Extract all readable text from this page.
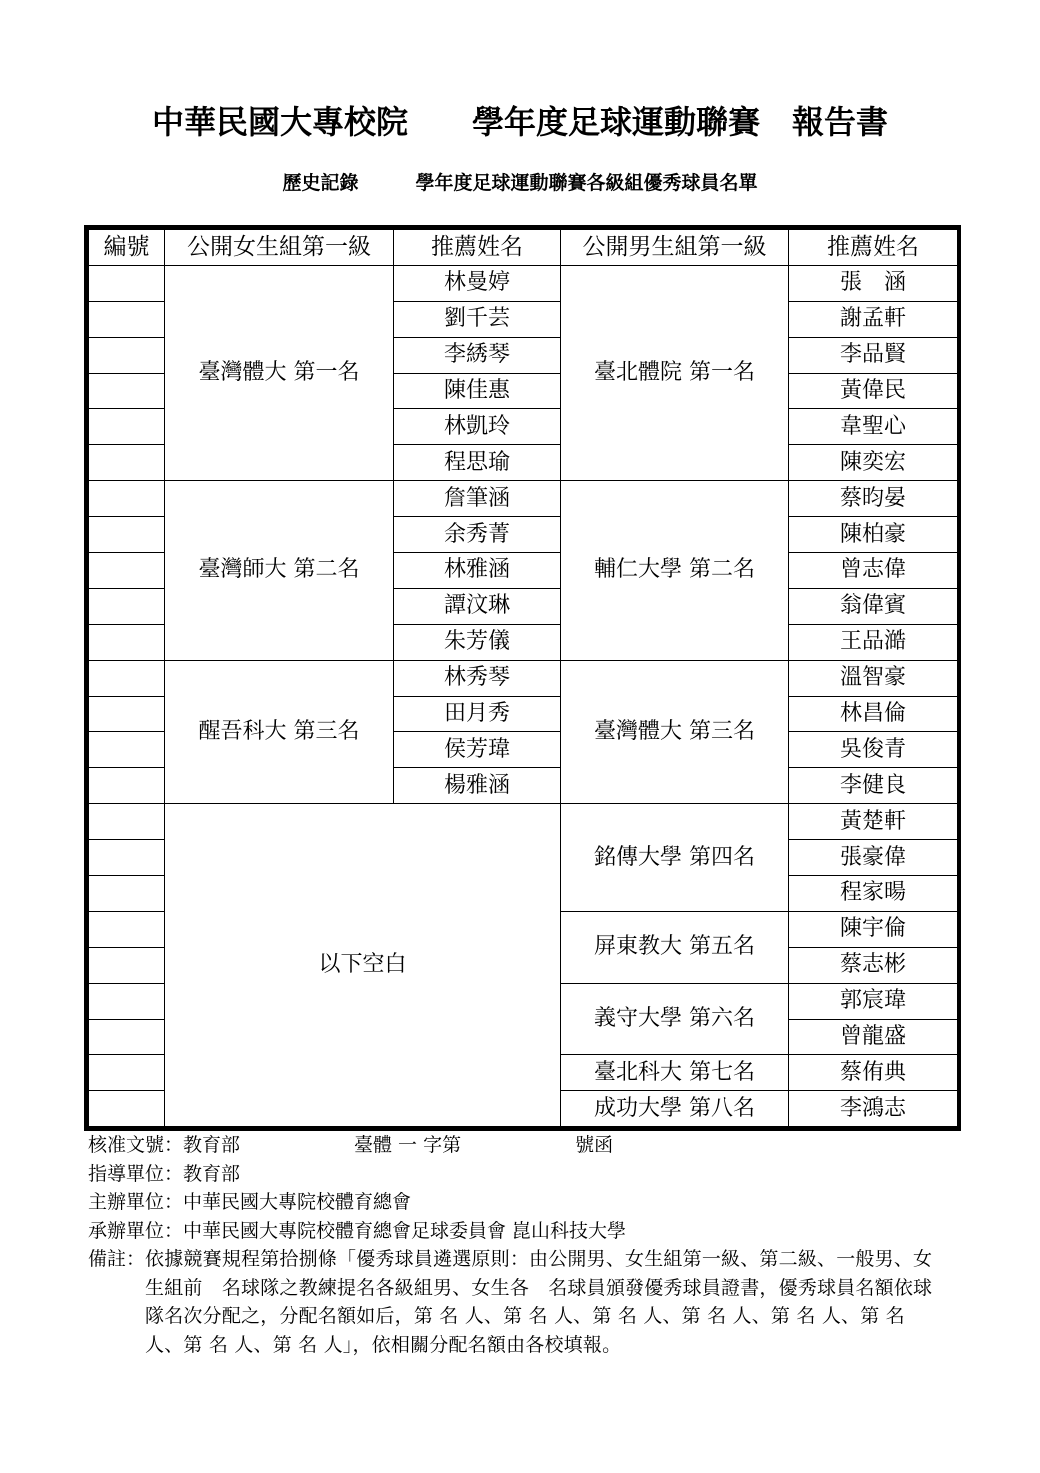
中華民國大專校院　　學年度足球運動聯賽　報告書
歷史記錄　　　學年度足球運動聯賽各級組優秀球員名單
編號	公開女生組第一級	推薦姓名	公開男生組第一級	推薦姓名
	臺灣體大 第一名	林曼婷	臺北體院 第一名	張　涵
		劉千芸		謝孟軒
		李綉琴		李品賢
		陳佳惠		黃偉民
		林凱玲		韋聖心
		程思瑜		陳奕宏
	臺灣師大 第二名	詹筆涵	輔仁大學 第二名	蔡昀晏
		余秀菁		陳柏豪
		林雅涵		曾志偉
		譚汶琳		翁偉賓
		朱芳儀		王品澔
	醒吾科大 第三名	林秀琴	臺灣體大 第三名	溫智豪
		田月秀		林昌倫
		侯芳瑋		吳俊青
		楊雅涵		李健良
	以下空白		銘傳大學 第四名	黃楚軒
				張豪偉
				程家暘
			屏東教大 第五名	陳宇倫
				蔡志彬
			義守大學 第六名	郭宸瑋
				曾龍盛
			臺北科大 第七名	蔡侑典
			成功大學 第八名	李鴻志
核准文號：教育部　　　　　　臺體 一 字第　　　　　　號函
指導單位：教育部
主辦單位：中華民國大專院校體育總會
承辦單位：中華民國大專院校體育總會足球委員會 崑山科技大學
備註： 依據競賽規程第拾捌條「優秀球員遴選原則：由公開男、女生組第一級、第二級、一般男、女生組前　名球隊之教練提名各級組男、女生各　名球員頒發優秀球員證書，優秀球員名額依球隊名次分配之，分配名額如后，第 名 人、第 名 人、第 名 人、第 名 人、第 名 人、第 名 人、第 名 人、第 名 人」，依相關分配名額由各校填報。
